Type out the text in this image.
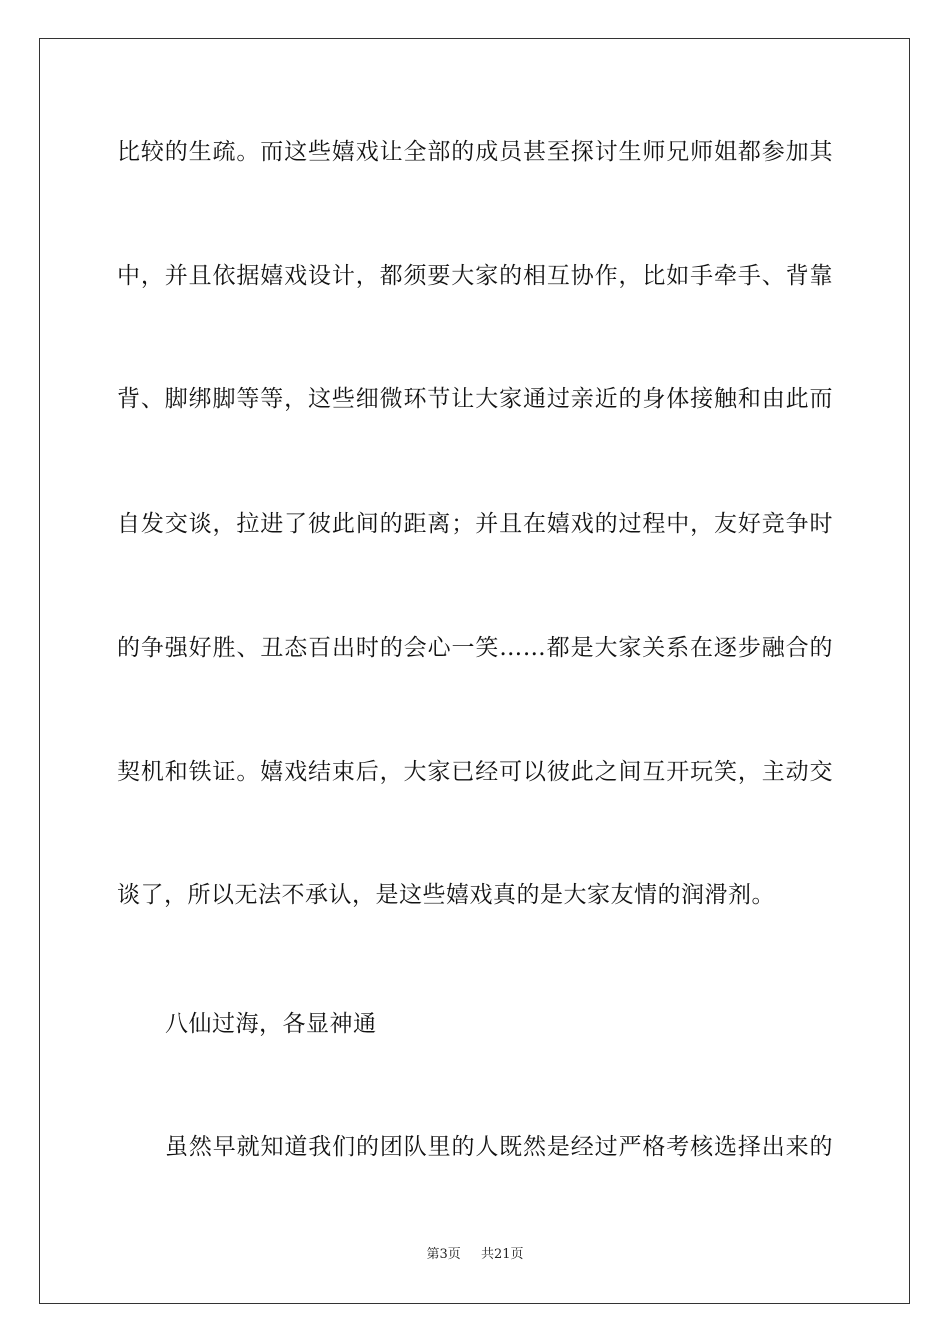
比较的生疏。而这些嬉戏让全部的成员甚至探讨生师兄师姐都参加其
中，并且依据嬉戏设计，都须要大家的相互协作，比如手牵手、背靠
背、脚绑脚等等，这些细微环节让大家通过亲近的身体接触和由此而
自发交谈，拉进了彼此间的距离；并且在嬉戏的过程中，友好竞争时
的争强好胜、丑态百出时的会心一笑……都是大家关系在逐步融合的
契机和铁证。嬉戏结束后，大家已经可以彼此之间互开玩笑，主动交
谈了，所以无法不承认，是这些嬉戏真的是大家友情的润滑剂。
八仙过海，各显神通
虽然早就知道我们的团队里的人既然是经过严格考核选择出来的
第3页 共21页
